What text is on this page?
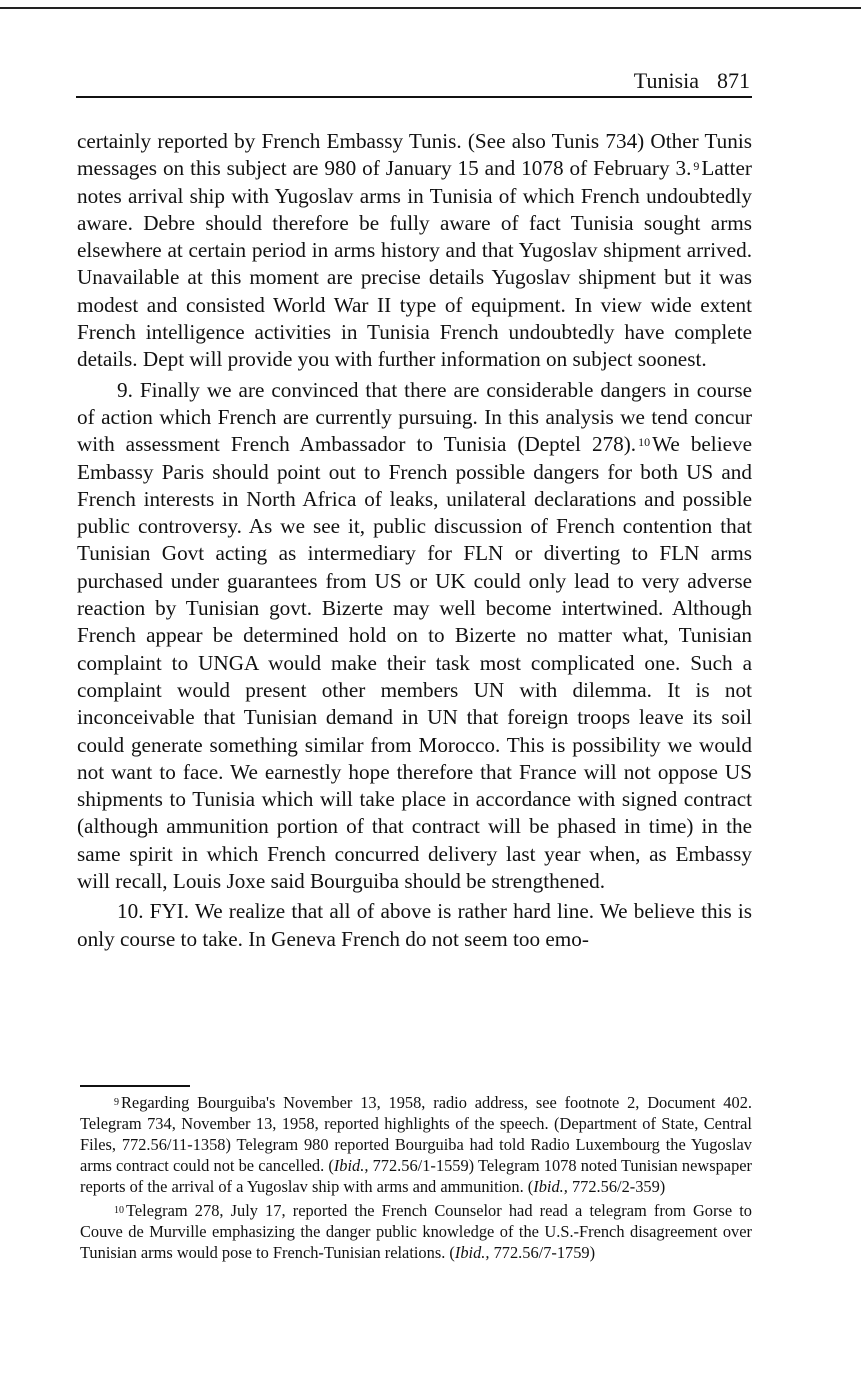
Tunisia 871

certainly reported by French Embassy Tunis. (See also Tunis 734) Other Tunis messages on this subject are 980 of January 15 and 1078 of February 3. $^9$Latter notes arrival ship with Yugoslav arms in Tunisia of which French undoubtedly aware. Debre should therefore be fully aware of fact Tunisia sought arms elsewhere at certain period in arms history and that Yugoslav shipment arrived. Unavailable at this moment are precise details Yugoslav shipment but it was modest and consisted World War II type of equipment. In view wide extent French intelligence activities in Tunisia French undoubtedly have complete details. Dept will provide you with further information on subject soonest.

9. Finally we are convinced that there are considerable dangers in course of action which French are currently pursuing. In this analysis we tend concur with assessment French Ambassador to Tunisia (Deptel 278). $^{10}$We believe Embassy Paris should point out to French possible dangers for both US and French interests in North Africa of leaks, unilateral declarations and possible public controversy. As we see it, public discussion of French contention that Tunisian Govt acting as intermediary for FLN or diverting to FLN arms purchased under guarantees from US or UK could only lead to very adverse reaction by Tunisian govt. Bizerte may well become intertwined. Although French appear be determined hold on to Bizerte no matter what, Tunisian complaint to UNGA would make their task most complicated one. Such a complaint would present other members UN with dilemma. It is not inconceivable that Tunisian demand in UN that foreign troops leave its soil could generate something similar from Morocco. This is possibility we would not want to face. We earnestly hope therefore that France will not oppose US shipments to Tunisia which will take place in accordance with signed contract (although ammunition portion of that contract will be phased in time) in the same spirit in which French concurred delivery last year when, as Embassy will recall, Louis Joxe said Bourguiba should be strengthened.

10. FYI. We realize that all of above is rather hard line. We believe this is only course to take. In Geneva French do not seem too emo-

$^9$ Regarding Bourguiba's November 13, 1958, radio address, see footnote 2, Document 402. Telegram 734, November 13, 1958, reported highlights of the speech. (Department of State, Central Files, 772.56/11-1358) Telegram 980 reported Bourguiba had told Radio Luxembourg the Yugoslav arms contract could not be cancelled. (Ibid., 772.56/1-1559) Telegram 1078 noted Tunisian newspaper reports of the arrival of a Yugoslav ship with arms and ammunition. (Ibid., 772.56/2-359)

$^{10}$ Telegram 278, July 17, reported the French Counselor had read a telegram from Gorse to Couve de Murville emphasizing the danger public knowledge of the U.S.-French disagreement over Tunisian arms would pose to French-Tunisian relations. (Ibid., 772.56/7-1759)
